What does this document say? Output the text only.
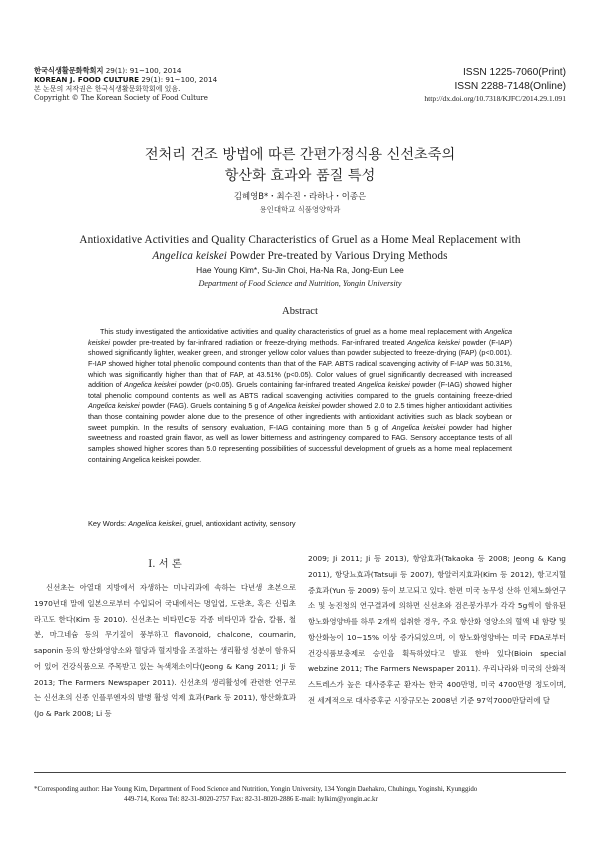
한국식생활문화학회지 29(1): 91~100, 2014
KOREAN J. FOOD CULTURE 29(1): 91~100, 2014
본 논문의 저작권은 한국식생활문화학회에 있음.
Copyright © The Korean Society of Food Culture
ISSN 1225-7060(Print)
ISSN 2288-7148(Online)
http://dx.doi.org/10.7318/KJFC/2014.29.1.091
전처리 건조 방법에 따른 간편가정식용 신선초죽의
항산화 효과와 품질 특성
김혜영B*・최수진・라하나・이종은
용인대학교 식품영양학과
Antioxidative Activities and Quality Characteristics of Gruel as a Home Meal Replacement with
Angelica keiskei Powder Pre-treated by Various Drying Methods
Hae Young Kim*, Su-Jin Choi, Ha-Na Ra, Jong-Eun Lee
Department of Food Science and Nutrition, Yongin University
Abstract

This study investigated the antioxidative activities and quality characteristics of gruel as a home meal replacement with Angelica keiskei powder pre-treated by far-infrared radiation or freeze-drying methods. Far-infrared treated Angelica keiskei powder (F-IAP) showed significantly lighter, weaker green, and stronger yellow color values than powder subjected to freeze-drying (FAP) (p<0.001). F-IAP showed higher total phenolic compound contents than that of the FAP. ABTS radical scavenging activity of F-IAP was 50.31%, which was significantly higher than that of FAP, at 43.51% (p<0.05). Color values of gruel significantly decreased with increased addition of Angelica keiskei powder (p<0.05). Gruels containing far-infrared treated Angelica keiskei powder (F-IAG) showed higher total phenolic compound contents as well as ABTS radical scavenging activities compared to the gruels containing freeze-dried Angelica keiskei powder (FAG). Gruels containing 5 g of Angelica keiskei powder showed 2.0 to 2.5 times higher antioxidant activities than those containing powder alone due to the presence of other ingredients with antioxidant activities such as black soybean or sweet pumpkin. In the results of sensory evaluation, F-IAG containing more than 5 g of Angelica keiskei powder had higher sweetness and roasted grain flavor, as well as lower bitterness and astringency compared to FAG. Sensory acceptance tests of all samples showed higher scores than 5.0 representing possibilities of successful development of gruels as a home meal replacement containing Angelica keiskei powder.

Key Words: Angelica keiskei, gruel, antioxidant activity, sensory
I. 서 론

신선초는 아열대 지방에서 자생하는 미나리과에 속하는 다년생 초본으로 1970년대 말에 일본으로부터 수입되어 국내에서는 명일엽, 도란초, 혹은 신립초라고도 한다(Kim 등 2010). 신선초는 비타민C등 각종 비타민과 칼슘, 칼륨, 철분, 마그네슘 등의 무기질이 풍부하고 flavonoid, chalcone, coumarin, saponin 등의 항산화영양소와 혈당과 혈지방을 조절하는 생리활성 성분이 함유되어 있어 건강식품으로 주목받고 있는 녹색채소이다(Jeong & Kang 2011; Ji 등 2013; The Farmers Newspaper 2011). 신선초의 생리활성에 관련한 연구로는 신선초의 신종 인플루엔자의 발병 활성 억제 효과(Park 등 2011), 항산화효과(Jo & Park 2008; Li 등

2009; Ji 2011; Ji 등 2013), 항암효과(Takaoka 등 2008; Jeong & Kang 2011), 항당뇨효과(Tatsuji 등 2007), 항알러지효과(Kim 등 2012), 항고지혈증효과(Yun 등 2009) 등이 보고되고 있다. 한편 미국 농무성 산하 인체노화연구소 및 농진청의 연구결과에 의하면 신선초와 검은봉가루가 각각 5g씩이 함유된 항노화영양바를 하루 2개씩 섭취한 경우, 주요 항산화 영양소의 혈액 내 함량 및 항산화능이 10~15% 이상 증가되었으며, 이 항노화영양바는 미국 FDA로부터 건강식품보충제로 승인을 획득하였다고 발표 한바 있다(Bioin special webzine 2011; The Farmers Newspaper 2011). 우리나라와 미국의 산화적 스트레스가 높은 대사증후군 환자는 한국 400만명, 미국 4700만명 정도이며, 전 세계적으로 대사증후군 시장규모는 2008년 기준 97억7000만달러에 달

*Corresponding author: Hae Young Kim, Department of Food Science and Nutrition, Yongin University, 134 Yongin Daehakro, Chuhingu, Yoginshi, Kyunggido
449-714, Korea Tel: 82-31-8020-2757 Fax: 82-31-8020-2886 E-mail: hylkim@yongin.ac.kr
